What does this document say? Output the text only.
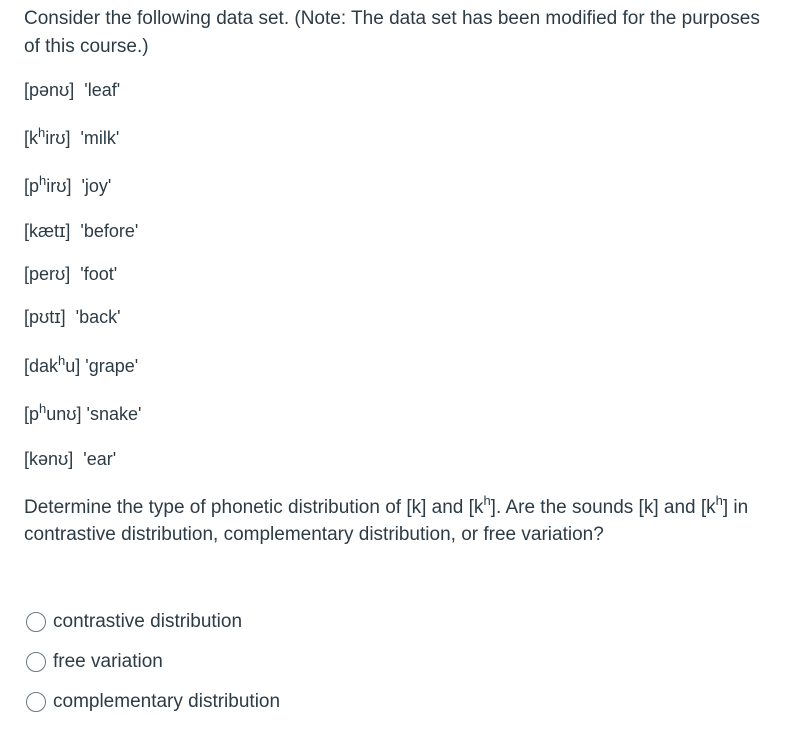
Consider the following data set. (Note: The data set has been modified for the purposes of this course.)

[pənʊ]  'leaf'

$[k^hirʊ]$  'milk'

$[p^hirʊ]$  'joy'

[kætɪ]  'before'

[perʊ]  'foot'

[pʊtɪ]  'back'

[dak$^h$u] 'grape'

$[p^hunʊ]$ 'snake'

[kənʊ]  'ear'

Determine the type of phonetic distribution of [k] and $[k^h]$. Are the sounds [k] and $[k^h]$ in contrastive distribution, complementary distribution, or free variation?

contrastive distribution
free variation
complementary distribution
